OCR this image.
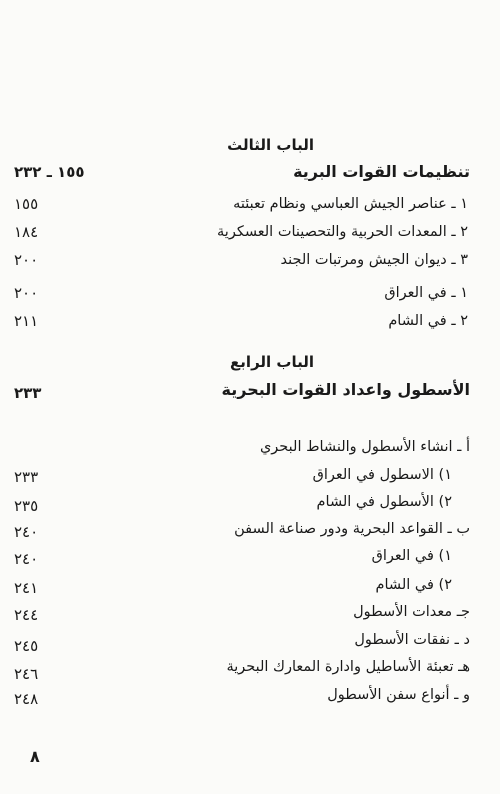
الباب الثالث
تنظيمات القوات البرية
١٥٥ ـ ٢٣٢
١ ـ عناصر الجيش العباسي ونظام تعبئته
١٥٥
٢ ـ المعدات الحربية والتحصينات العسكرية
١٨٤
٣ ـ ديوان الجيش ومرتبات الجند
٢٠٠
١ ـ في العراق
٢٠٠
٢ ـ في الشام
٢١١
الباب الرابع
الأسطول واعداد القوات البحرية
٢٣٣
أ ـ انشاء الأسطول والنشاط البحري
١) الاسطول في العراق
٢٣٣
٢) الأسطول في الشام
٢٣٥
ب ـ القواعد البحرية ودور صناعة السفن
٢٤٠
١) في العراق
٢٤٠
٢) في الشام
٢٤١
جـ معدات الأسطول
٢٤٤
د ـ نفقات الأسطول
٢٤٥
هـ تعبئة الأساطيل وادارة المعارك البحرية
٢٤٦
و ـ أنواع سفن الأسطول
٢٤٨
٨
